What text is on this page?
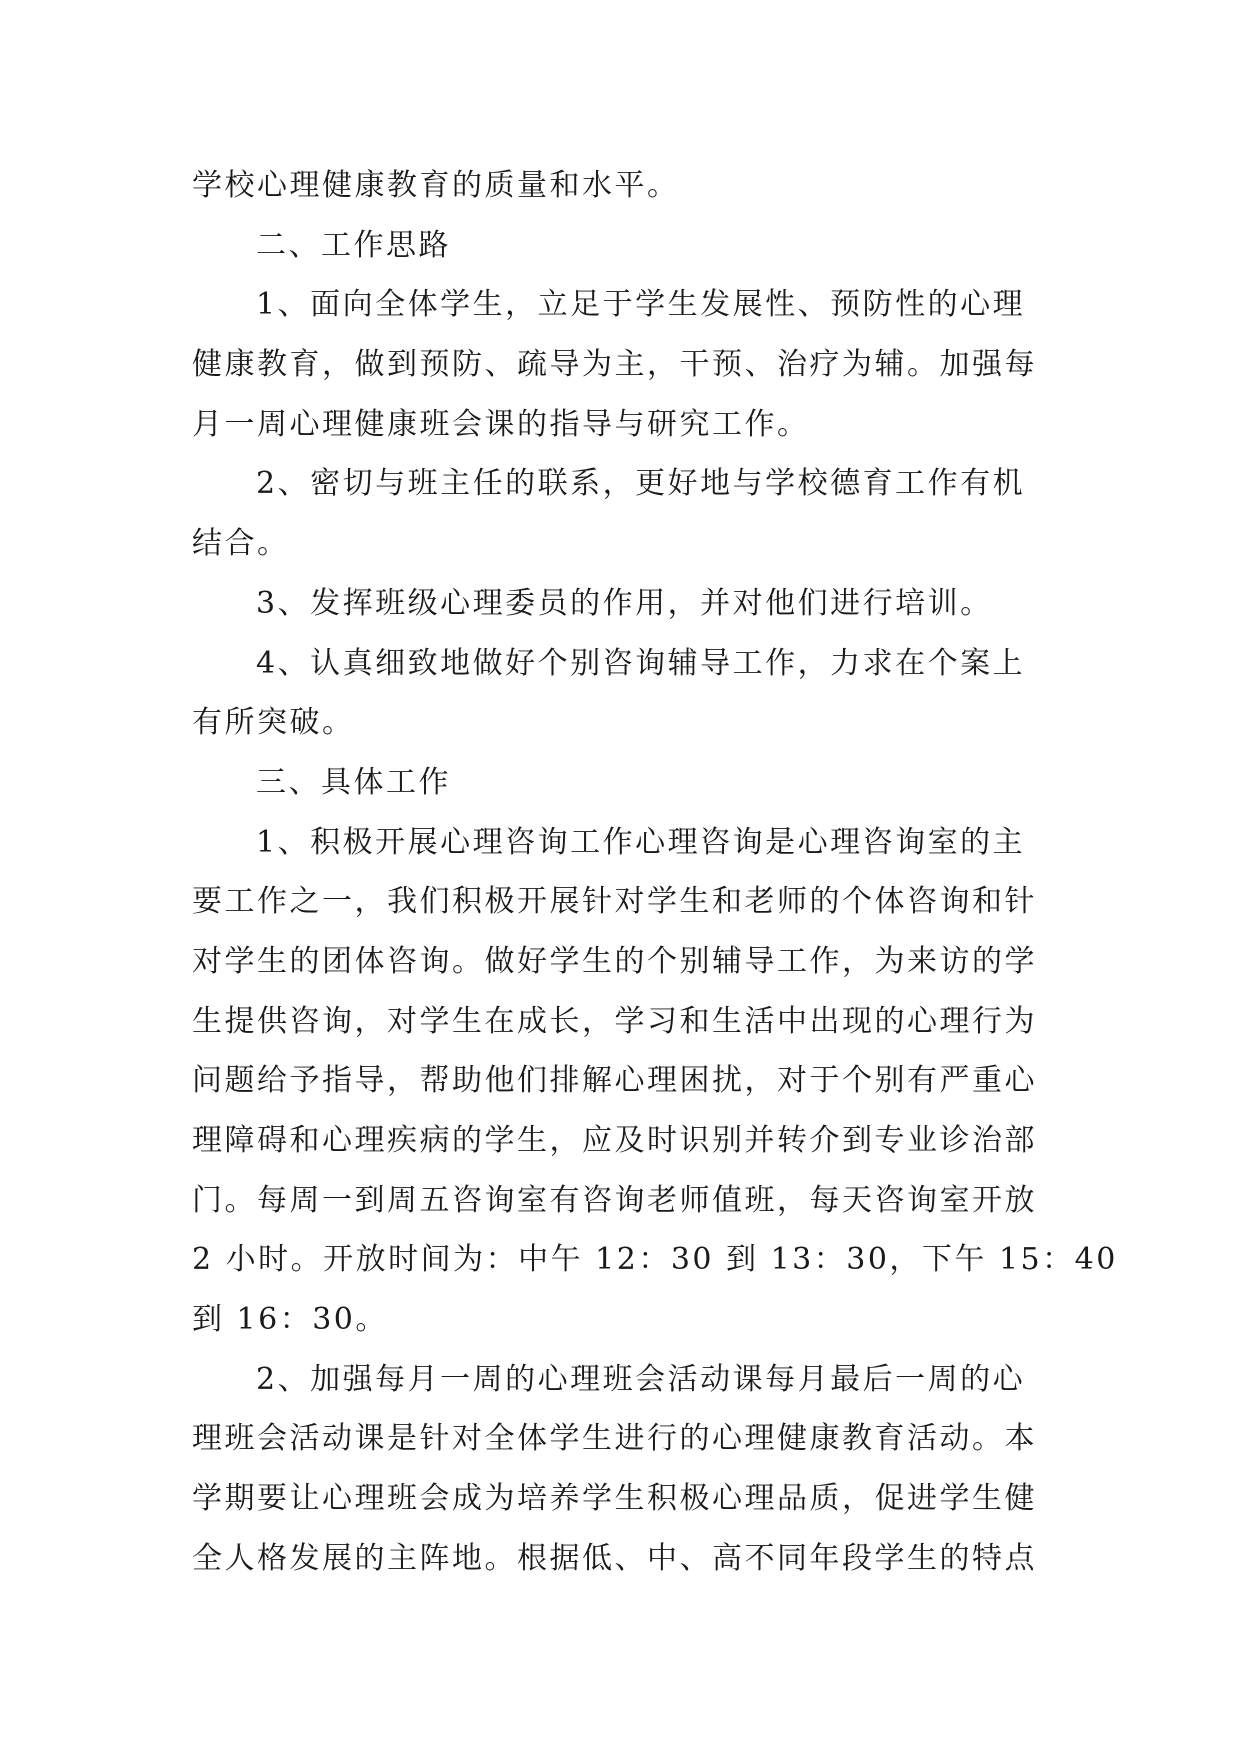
学校心理健康教育的质量和水平。
二、工作思路
1、面向全体学生，立足于学生发展性、预防性的心理
健康教育，做到预防、疏导为主，干预、治疗为辅。加强每
月一周心理健康班会课的指导与研究工作。
2、密切与班主任的联系，更好地与学校德育工作有机
结合。
3、发挥班级心理委员的作用，并对他们进行培训。
4、认真细致地做好个别咨询辅导工作，力求在个案上
有所突破。
三、具体工作
1、积极开展心理咨询工作心理咨询是心理咨询室的主
要工作之一，我们积极开展针对学生和老师的个体咨询和针
对学生的团体咨询。做好学生的个别辅导工作，为来访的学
生提供咨询，对学生在成长，学习和生活中出现的心理行为
问题给予指导，帮助他们排解心理困扰，对于个别有严重心
理障碍和心理疾病的学生，应及时识别并转介到专业诊治部
门。每周一到周五咨询室有咨询老师值班，每天咨询室开放
2 小时。开放时间为：中午 12：30 到 13：30，下午 15：40
到 16：30。
2、加强每月一周的心理班会活动课每月最后一周的心
理班会活动课是针对全体学生进行的心理健康教育活动。本
学期要让心理班会成为培养学生积极心理品质，促进学生健
全人格发展的主阵地。根据低、中、高不同年段学生的特点
